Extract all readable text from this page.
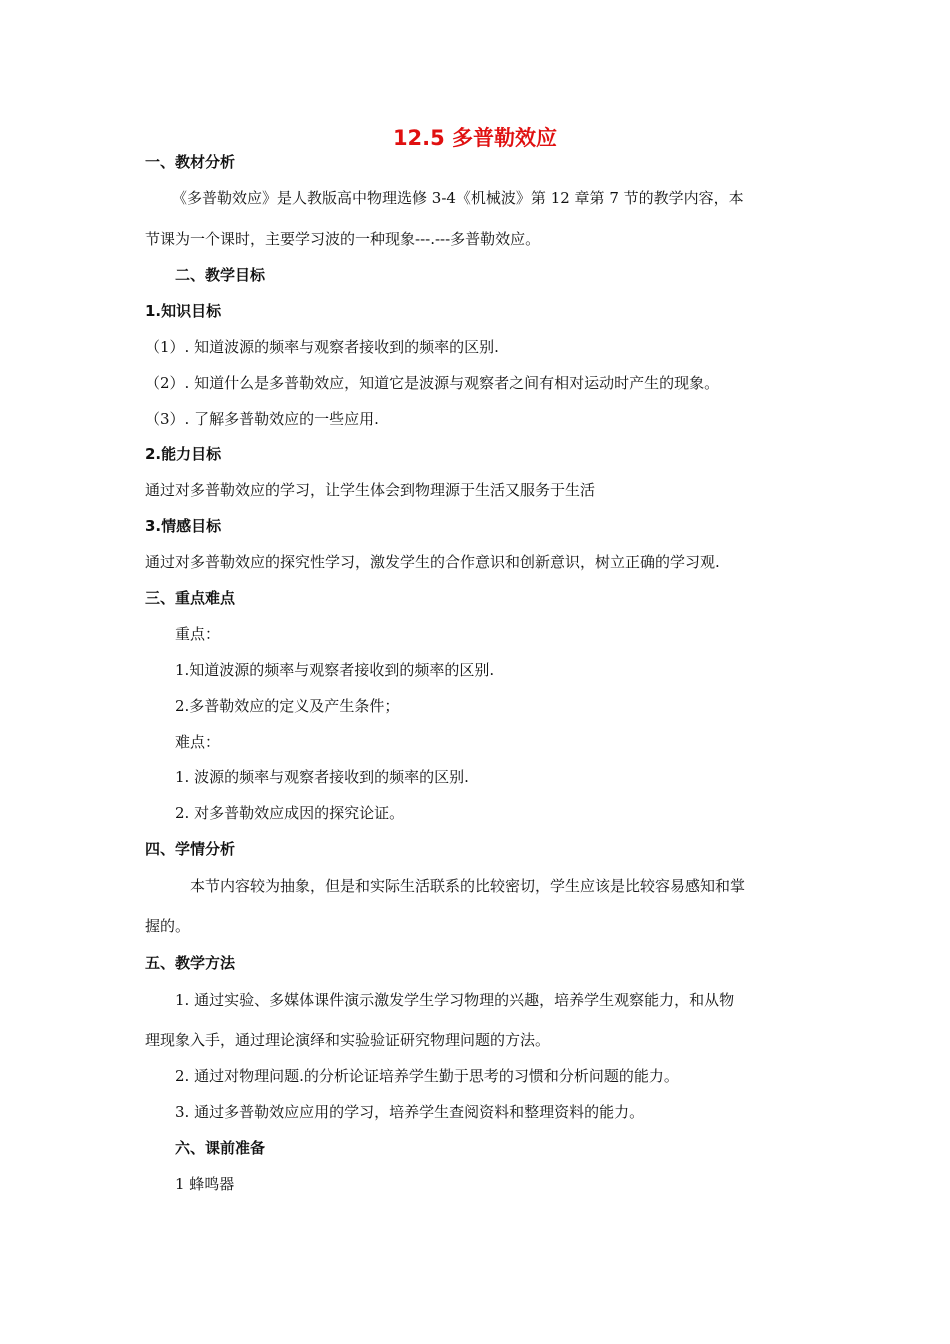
12.5 多普勒效应
一、教材分析
《多普勒效应》是人教版高中物理选修 3-4《机械波》第 12 章第 7 节的教学内容，本
节课为一个课时，主要学习波的一种现象---.---多普勒效应。
二、教学目标
1.知识目标
（1）. 知道波源的频率与观察者接收到的频率的区别.
（2）. 知道什么是多普勒效应，知道它是波源与观察者之间有相对运动时产生的现象。
（3）. 了解多普勒效应的一些应用.
2.能力目标
通过对多普勒效应的学习，让学生体会到物理源于生活又服务于生活
3.情感目标
通过对多普勒效应的探究性学习，激发学生的合作意识和创新意识，树立正确的学习观.
三、重点难点
重点：
1.知道波源的频率与观察者接收到的频率的区别.
2.多普勒效应的定义及产生条件；
难点：
1. 波源的频率与观察者接收到的频率的区别.
2. 对多普勒效应成因的探究论证。
四、学情分析
本节内容较为抽象，但是和实际生活联系的比较密切，学生应该是比较容易感知和掌
握的。
五、教学方法
1. 通过实验、多媒体课件演示激发学生学习物理的兴趣，培养学生观察能力，和从物
理现象入手，通过理论演绎和实验验证研究物理问题的方法。
2. 通过对物理问题.的分析论证培养学生勤于思考的习惯和分析问题的能力。
3. 通过多普勒效应应用的学习，培养学生查阅资料和整理资料的能力。
六、课前准备
1 蜂鸣器
